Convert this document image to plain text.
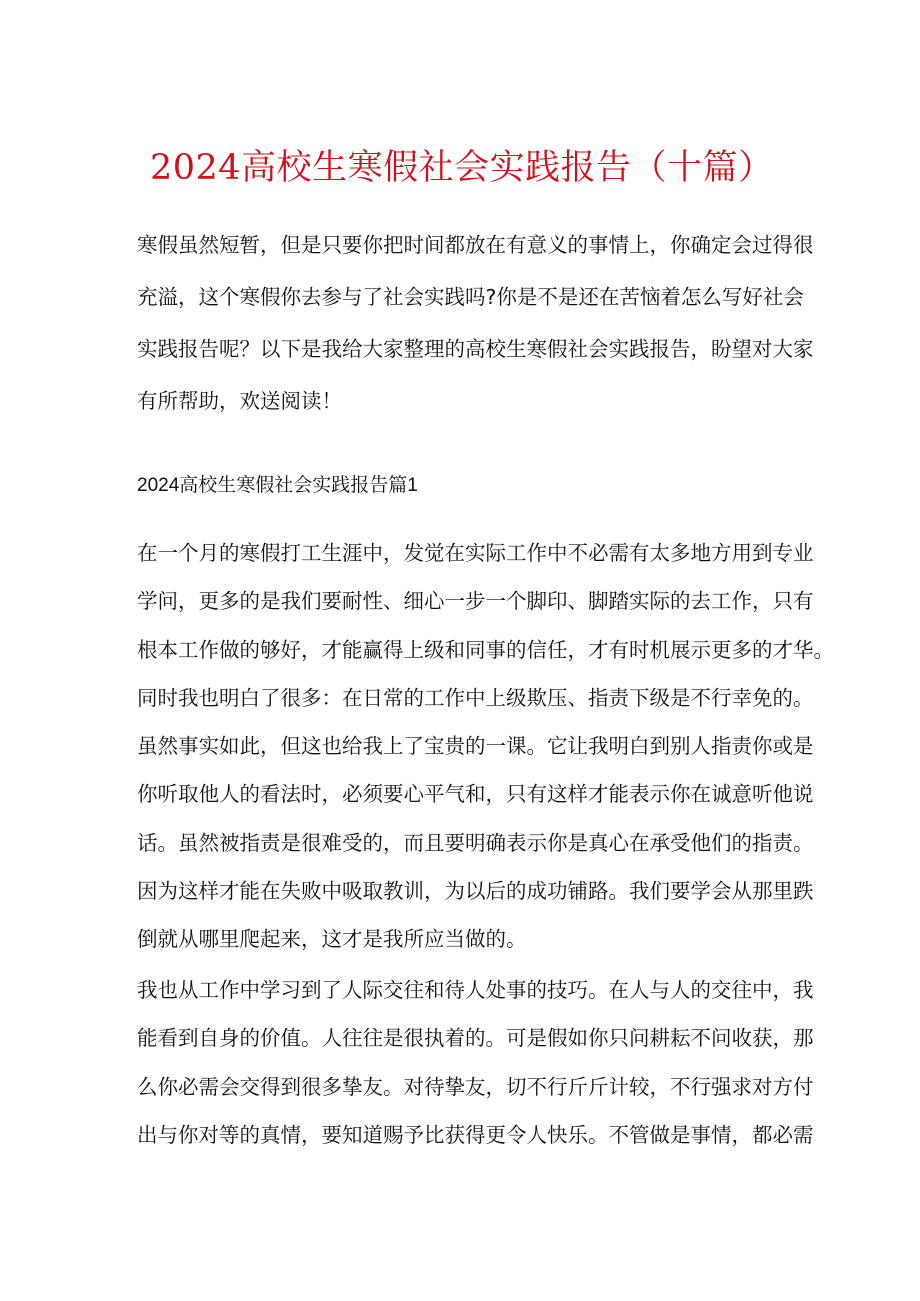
2024高校生寒假社会实践报告（十篇）
寒假虽然短暂，但是只要你把时间都放在有意义的事情上，你确定会过得很
充溢，这个寒假你去参与了社会实践吗?你是不是还在苦恼着怎么写好社会
实践报告呢？以下是我给大家整理的高校生寒假社会实践报告，盼望对大家
有所帮助，欢送阅读！
2024高校生寒假社会实践报告篇1
在一个月的寒假打工生涯中，发觉在实际工作中不必需有太多地方用到专业
学问，更多的是我们要耐性、细心一步一个脚印、脚踏实际的去工作，只有
根本工作做的够好，才能赢得上级和同事的信任，才有时机展示更多的才华。
同时我也明白了很多：在日常的工作中上级欺压、指责下级是不行幸免的。
虽然事实如此，但这也给我上了宝贵的一课。它让我明白到别人指责你或是
你听取他人的看法时，必须要心平气和，只有这样才能表示你在诚意听他说
话。虽然被指责是很难受的，而且要明确表示你是真心在承受他们的指责。
因为这样才能在失败中吸取教训，为以后的成功铺路。我们要学会从那里跌
倒就从哪里爬起来，这才是我所应当做的。
我也从工作中学习到了人际交往和待人处事的技巧。在人与人的交往中，我
能看到自身的价值。人往往是很执着的。可是假如你只问耕耘不问收获，那
么你必需会交得到很多挚友。对待挚友，切不行斤斤计较，不行强求对方付
出与你对等的真情，要知道赐予比获得更令人快乐。不管做是事情，都必需
